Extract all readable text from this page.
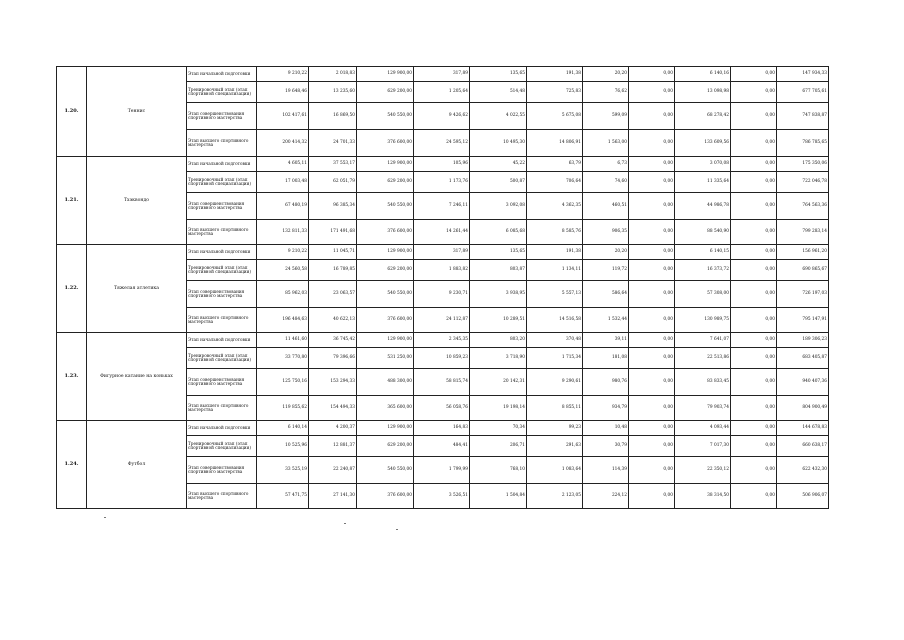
1.20.	Теннис	Этап начальной подготовки	9 210,22	2 018,83	129 900,00	317,89	135,65	191,38	20,20	0,00	6 140,16	0,00	147 934,33
		Тренировочный этап (этап спортивной специализации)	19 648,46	13 235,60	629 200,00	1 205,64	514,48	725,83	76,62	0,00	13 098,98	0,00	677 705,61
		Этап совершенствования спортивного мастерства	102 417,61	16 869,50	540 550,00	9 426,62	4 022,55	5 675,08	599,09	0,00	68 278,42	0,00	747 838,87
		Этап высшего спортивного мастерства	200 414,32	24 701,33	376 600,00	24 595,12	10 495,30	14 806,91	1 563,00	0,00	133 609,56	0,00	786 785,65
1.21.	Тхэквондо	Этап начальной подготовки	4 605,11	37 553,17	129 900,00	105,96	45,22	63,79	6,73	0,00	3 070,08	0,00	175 350,06
		Тренировочный этап (этап спортивной специализации)	17 003,48	62 051,79	629 200,00	1 173,76	500,87	706,64	74,60	0,00	11 335,64	0,00	722 046,78
		Этап совершенствования спортивного мастерства	67 480,19	96 385,34	540 550,00	7 246,11	3 092,08	4 362,35	460,51	0,00	44 986,78	0,00	764 563,36
		Этап высшего спортивного мастерства	132 811,33	171 491,68	376 600,00	14 261,44	6 085,68	8 585,76	906,35	0,00	88 540,90	0,00	799 283,14
1.22.	Тяжелая атлетика	Этап начальной подготовки	9 210,22	11 045,71	129 900,00	317,89	135,65	191,38	20,20	0,00	6 140,15	0,00	156 961,20
		Тренировочный этап (этап спортивной специализации)	24 560,58	16 789,85	629 200,00	1 883,82	803,87	1 134,11	119,72	0,00	16 373,72	0,00	690 865,67
		Этап совершенствования спортивного мастерства	85 962,03	23 063,57	540 550,00	9 230,71	3 938,95	5 557,13	586,64	0,00	57 308,00	0,00	726 197,03
		Этап высшего спортивного мастерства	196 484,63	40 622,13	376 600,00	24 112,87	10 289,51	14 516,58	1 532,44	0,00	130 989,75	0,00	795 147,91
1.23.	Фигурное катание на коньках	Этап начальной подготовки	11 461,60	36 745,42	129 900,00	2 345,35	803,20	370,48	39,11	0,00	7 641,07	0,00	189 306,23
		Тренировочный этап (этап спортивной специализации)	33 770,80	79 396,66	531 250,00	10 859,23	3 718,90	1 715,34	181,08	0,00	22 513,86	0,00	683 405,87
		Этап совершенствования спортивного мастерства	125 750,16	153 294,33	488 300,00	58 815,74	20 142,31	9 290,61	980,76	0,00	83 833,45	0,00	940 407,36
		Этап высшего спортивного мастерства	119 855,62	154 494,33	365 600,00	56 058,76	19 198,14	8 855,11	934,79	0,00	79 903,74	0,00	804 900,49
1.24.	Футбол	Этап начальной подготовки	6 140,14	4 200,37	129 900,00	164,83	70,34	99,23	10,48	0,00	4 093,44	0,00	144 678,83
		Тренировочный этап (этап спортивной специализации)	10 525,96	12 881,37	629 200,00	484,41	206,71	291,63	30,79	0,00	7 017,30	0,00	660 638,17
		Этап совершенствования спортивного мастерства	33 525,19	22 240,87	540 550,00	1 799,99	768,10	1 083,64	114,39	0,00	22 350,12	0,00	622 432,30
		Этап высшего спортивного мастерства	57 471,75	27 141,30	376 600,00	3 526,51	1 504,84	2 123,05	224,12	0,00	38 314,50	0,00	506 906,07
